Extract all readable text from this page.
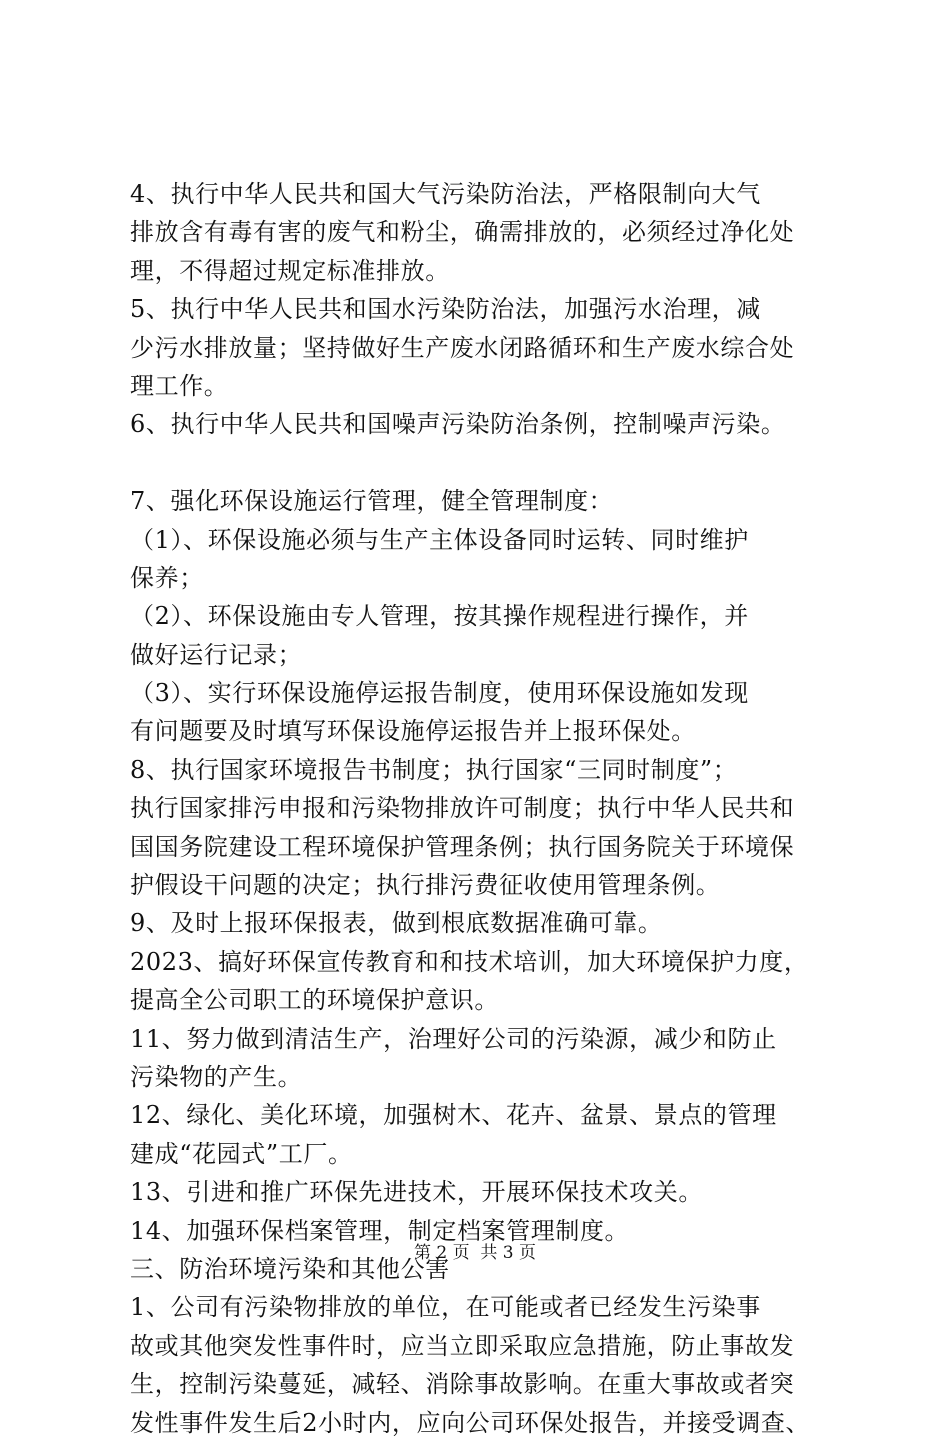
4、执行中华人民共和国大气污染防治法，严格限制向大气
排放含有毒有害的废气和粉尘，确需排放的，必须经过净化处
理，不得超过规定标准排放。
5、执行中华人民共和国水污染防治法，加强污水治理，减
少污水排放量；坚持做好生产废水闭路循环和生产废水综合处
理工作。
6、执行中华人民共和国噪声污染防治条例，控制噪声污染。
7、强化环保设施运行管理，健全管理制度：
（1）、环保设施必须与生产主体设备同时运转、同时维护
保养；
（2）、环保设施由专人管理，按其操作规程进行操作，并
做好运行记录；
（3）、实行环保设施停运报告制度，使用环保设施如发现
有问题要及时填写环保设施停运报告并上报环保处。
8、执行国家环境报告书制度；执行国家“三同时制度”；
执行国家排污申报和污染物排放许可制度；执行中华人民共和
国国务院建设工程环境保护管理条例；执行国务院关于环境保
护假设干问题的决定；执行排污费征收使用管理条例。
9、及时上报环保报表，做到根底数据准确可靠。
2023、搞好环保宣传教育和和技术培训，加大环境保护力度，
提高全公司职工的环境保护意识。
11、努力做到清洁生产，治理好公司的污染源，减少和防止
污染物的产生。
12、绿化、美化环境，加强树木、花卉、盆景、景点的管理
建成“花园式”工厂。
13、引进和推广环保先进技术，开展环保技术攻关。
14、加强环保档案管理，制定档案管理制度。
三、防治环境污染和其他公害
1、公司有污染物排放的单位，在可能或者已经发生污染事
故或其他突发性事件时，应当立即采取应急措施，防止事故发
生，控制污染蔓延，减轻、消除事故影响。在重大事故或者突
发性事件发生后2小时内，应向公司环保处报告，并接受调查、
第 2 页  共 3 页
